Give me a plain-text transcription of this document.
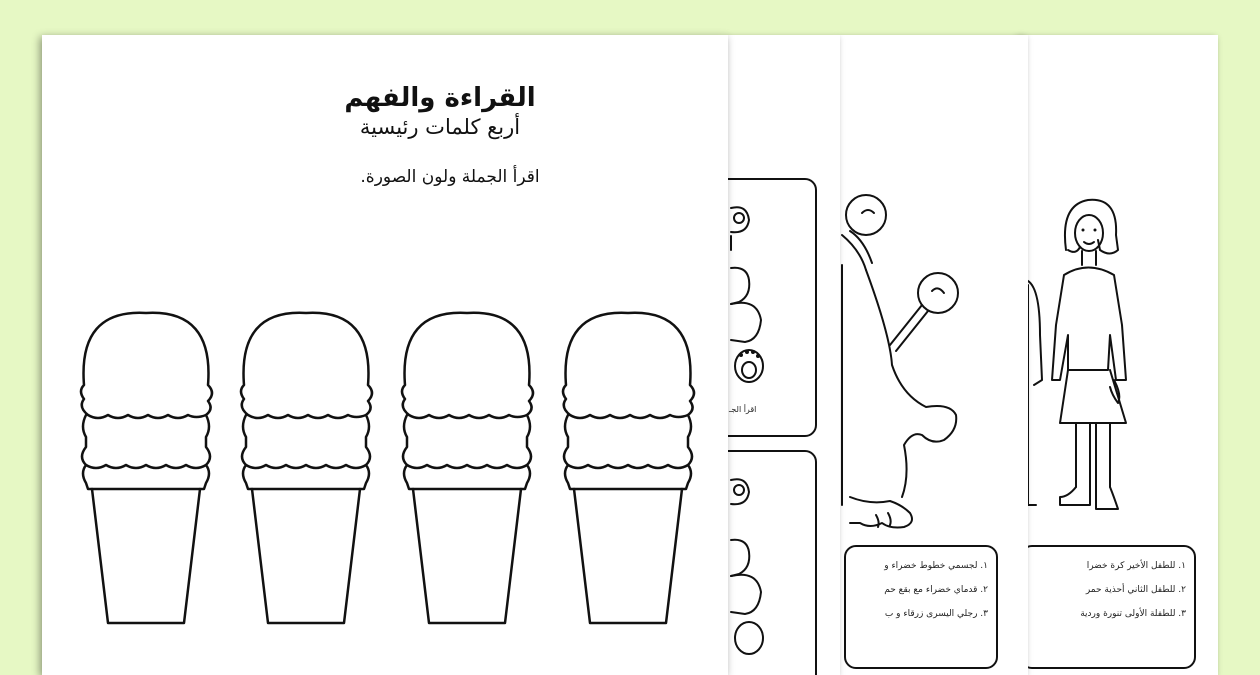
١. للطفل الأخير كرة خضرا
٢. للطفل الثاني أحذية حمر
٣. للطفلة الأولى تنورة وردية
١. لجسمي خطوط خضراء و
٢. قدماي خضراء مع بقع حم
٣. رجلي اليسرى زرقاء و ب
اقرأ الجـ
القراءة والفهم
أربع كلمات رئيسية
اقرأ الجملة ولون الصورة.
